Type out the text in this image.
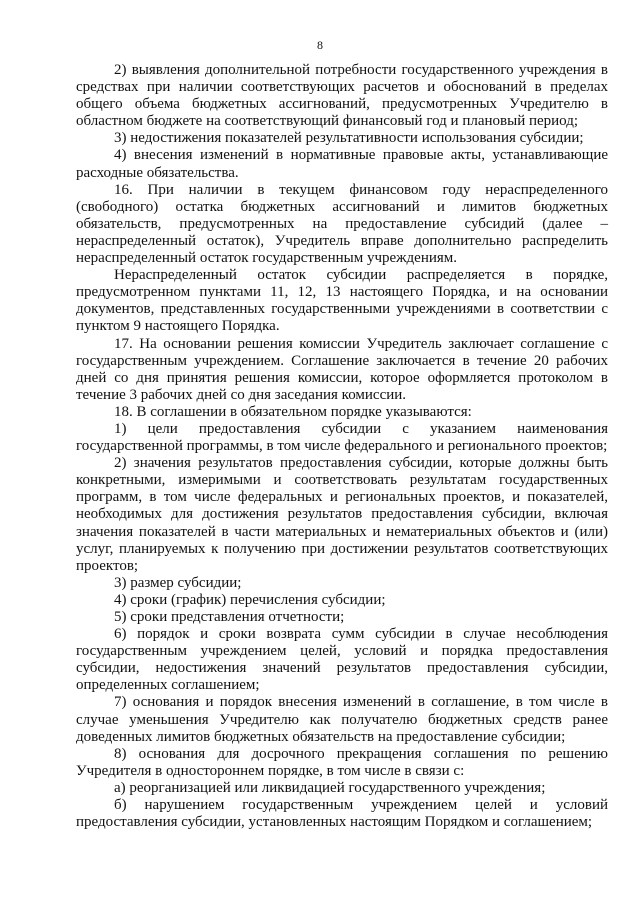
8

2) выявления дополнительной потребности государственного учреждения в средствах при наличии соответствующих расчетов и обоснований в пределах общего объема бюджетных ассигнований, предусмотренных Учредителю в областном бюджете на соответствующий финансовый год и плановый период;

3) недостижения показателей результативности использования субсидии;

4) внесения изменений в нормативные правовые акты, устанавливающие расходные обязательства.

16. При наличии в текущем финансовом году нераспределенного (свободного) остатка бюджетных ассигнований и лимитов бюджетных обязательств, предусмотренных на предоставление субсидий (далее – нераспределенный остаток), Учредитель вправе дополнительно распределить нераспределенный остаток государственным учреждениям.

Нераспределенный остаток субсидии распределяется в порядке, предусмотренном пунктами 11, 12, 13 настоящего Порядка, и на основании документов, представленных государственными учреждениями в соответствии с пунктом 9 настоящего Порядка.

17. На основании решения комиссии Учредитель заключает соглашение с государственным учреждением. Соглашение заключается в течение 20 рабочих дней со дня принятия решения комиссии, которое оформляется протоколом в течение 3 рабочих дней со дня заседания комиссии.

18. В соглашении в обязательном порядке указываются:

1) цели предоставления субсидии с указанием наименования государственной программы, в том числе федерального и регионального проектов;

2) значения результатов предоставления субсидии, которые должны быть конкретными, измеримыми и соответствовать результатам государственных программ, в том числе федеральных и региональных проектов, и показателей, необходимых для достижения результатов предоставления субсидии, включая значения показателей в части материальных и нематериальных объектов и (или) услуг, планируемых к получению при достижении результатов соответствующих проектов;

3) размер субсидии;

4) сроки (график) перечисления субсидии;

5) сроки представления отчетности;

6) порядок и сроки возврата сумм субсидии в случае несоблюдения государственным учреждением целей, условий и порядка предоставления субсидии, недостижения значений результатов предоставления субсидии, определенных соглашением;

7) основания и порядок внесения изменений в соглашение, в том числе в случае уменьшения Учредителю как получателю бюджетных средств ранее доведенных лимитов бюджетных обязательств на предоставление субсидии;

8) основания для досрочного прекращения соглашения по решению Учредителя в одностороннем порядке, в том числе в связи с:

а) реорганизацией или ликвидацией государственного учреждения;

б) нарушением государственным учреждением целей и условий предоставления субсидии, установленных настоящим Порядком и соглашением;
